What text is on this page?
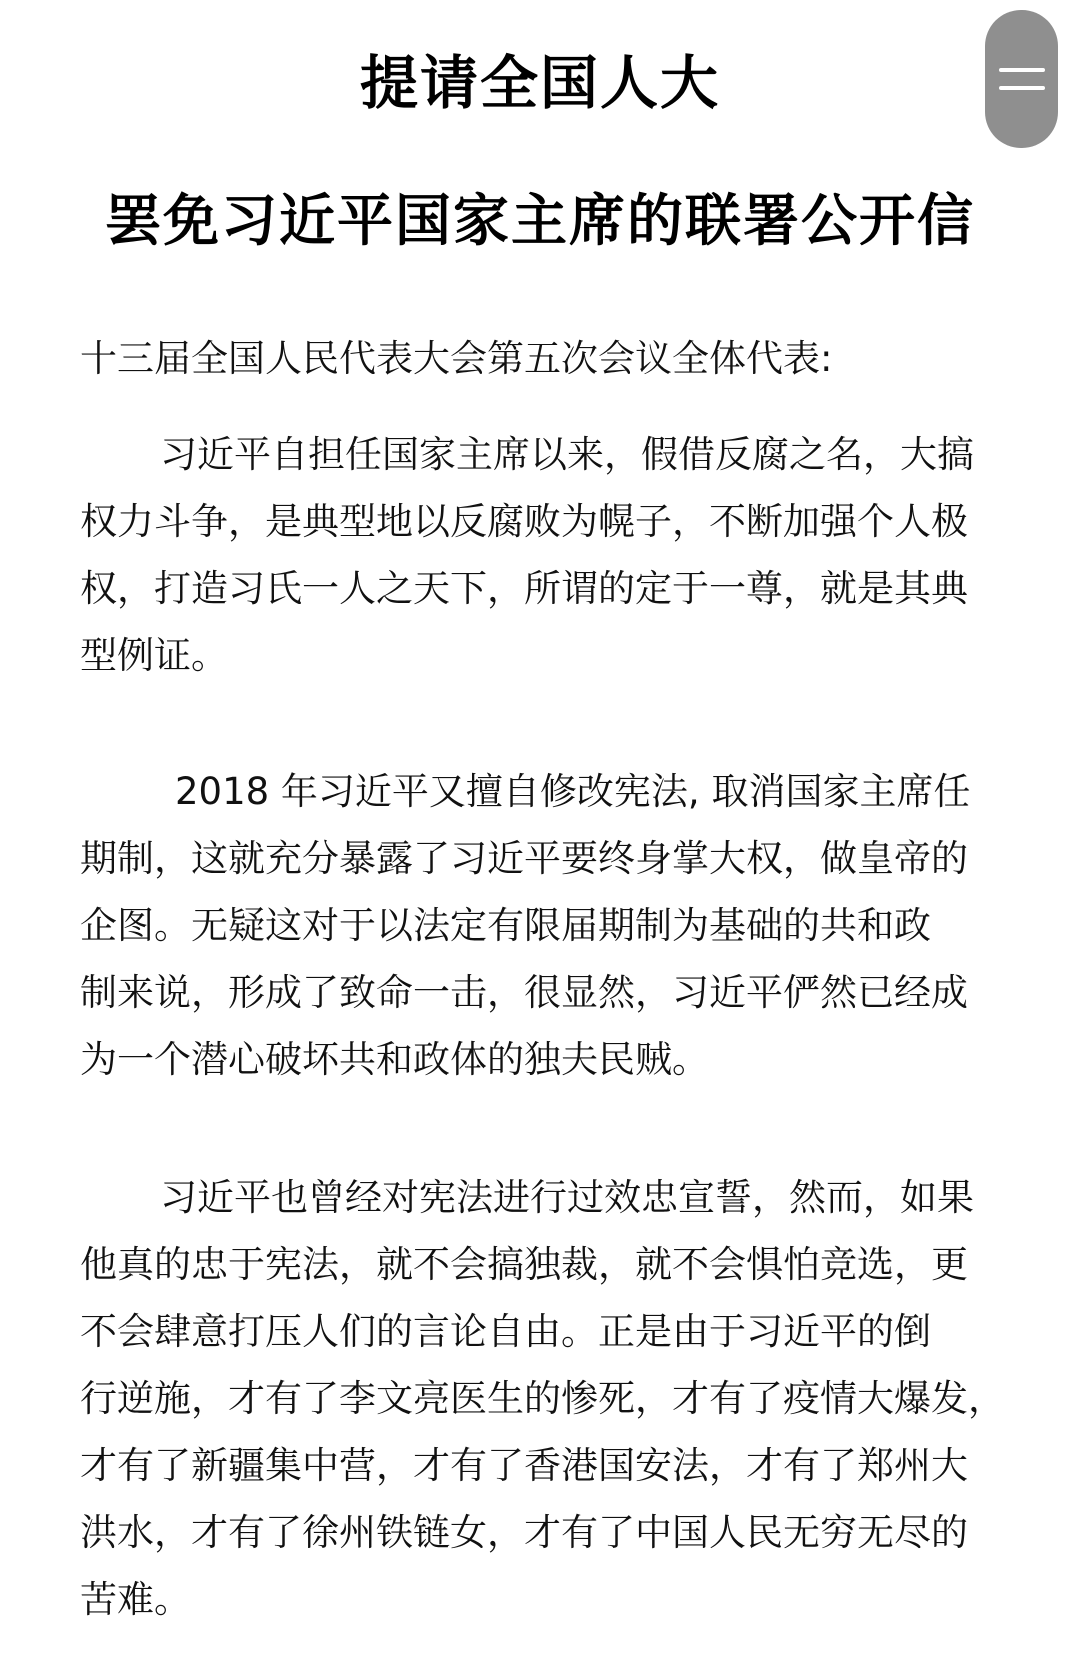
提请全国人大
罢免习近平国家主席的联署公开信
十三届全国人民代表大会第五次会议全体代表:
习近平自担任国家主席以来，假借反腐之名，大搞
权力斗争，是典型地以反腐败为幌子，不断加强个人极
权，打造习氏一人之天下，所谓的定于一尊，就是其典
型例证。
2018 年习近平又擅自修改宪法, 取消国家主席任
期制，这就充分暴露了习近平要终身掌大权，做皇帝的
企图。无疑这对于以法定有限届期制为基础的共和政
制来说，形成了致命一击，很显然，习近平俨然已经成
为一个潜心破坏共和政体的独夫民贼。
习近平也曾经对宪法进行过效忠宣誓，然而，如果
他真的忠于宪法，就不会搞独裁，就不会惧怕竞选，更
不会肆意打压人们的言论自由。正是由于习近平的倒
行逆施，才有了李文亮医生的惨死，才有了疫情大爆发，
才有了新疆集中营，才有了香港国安法，才有了郑州大
洪水，才有了徐州铁链女，才有了中国人民无穷无尽的
苦难。
